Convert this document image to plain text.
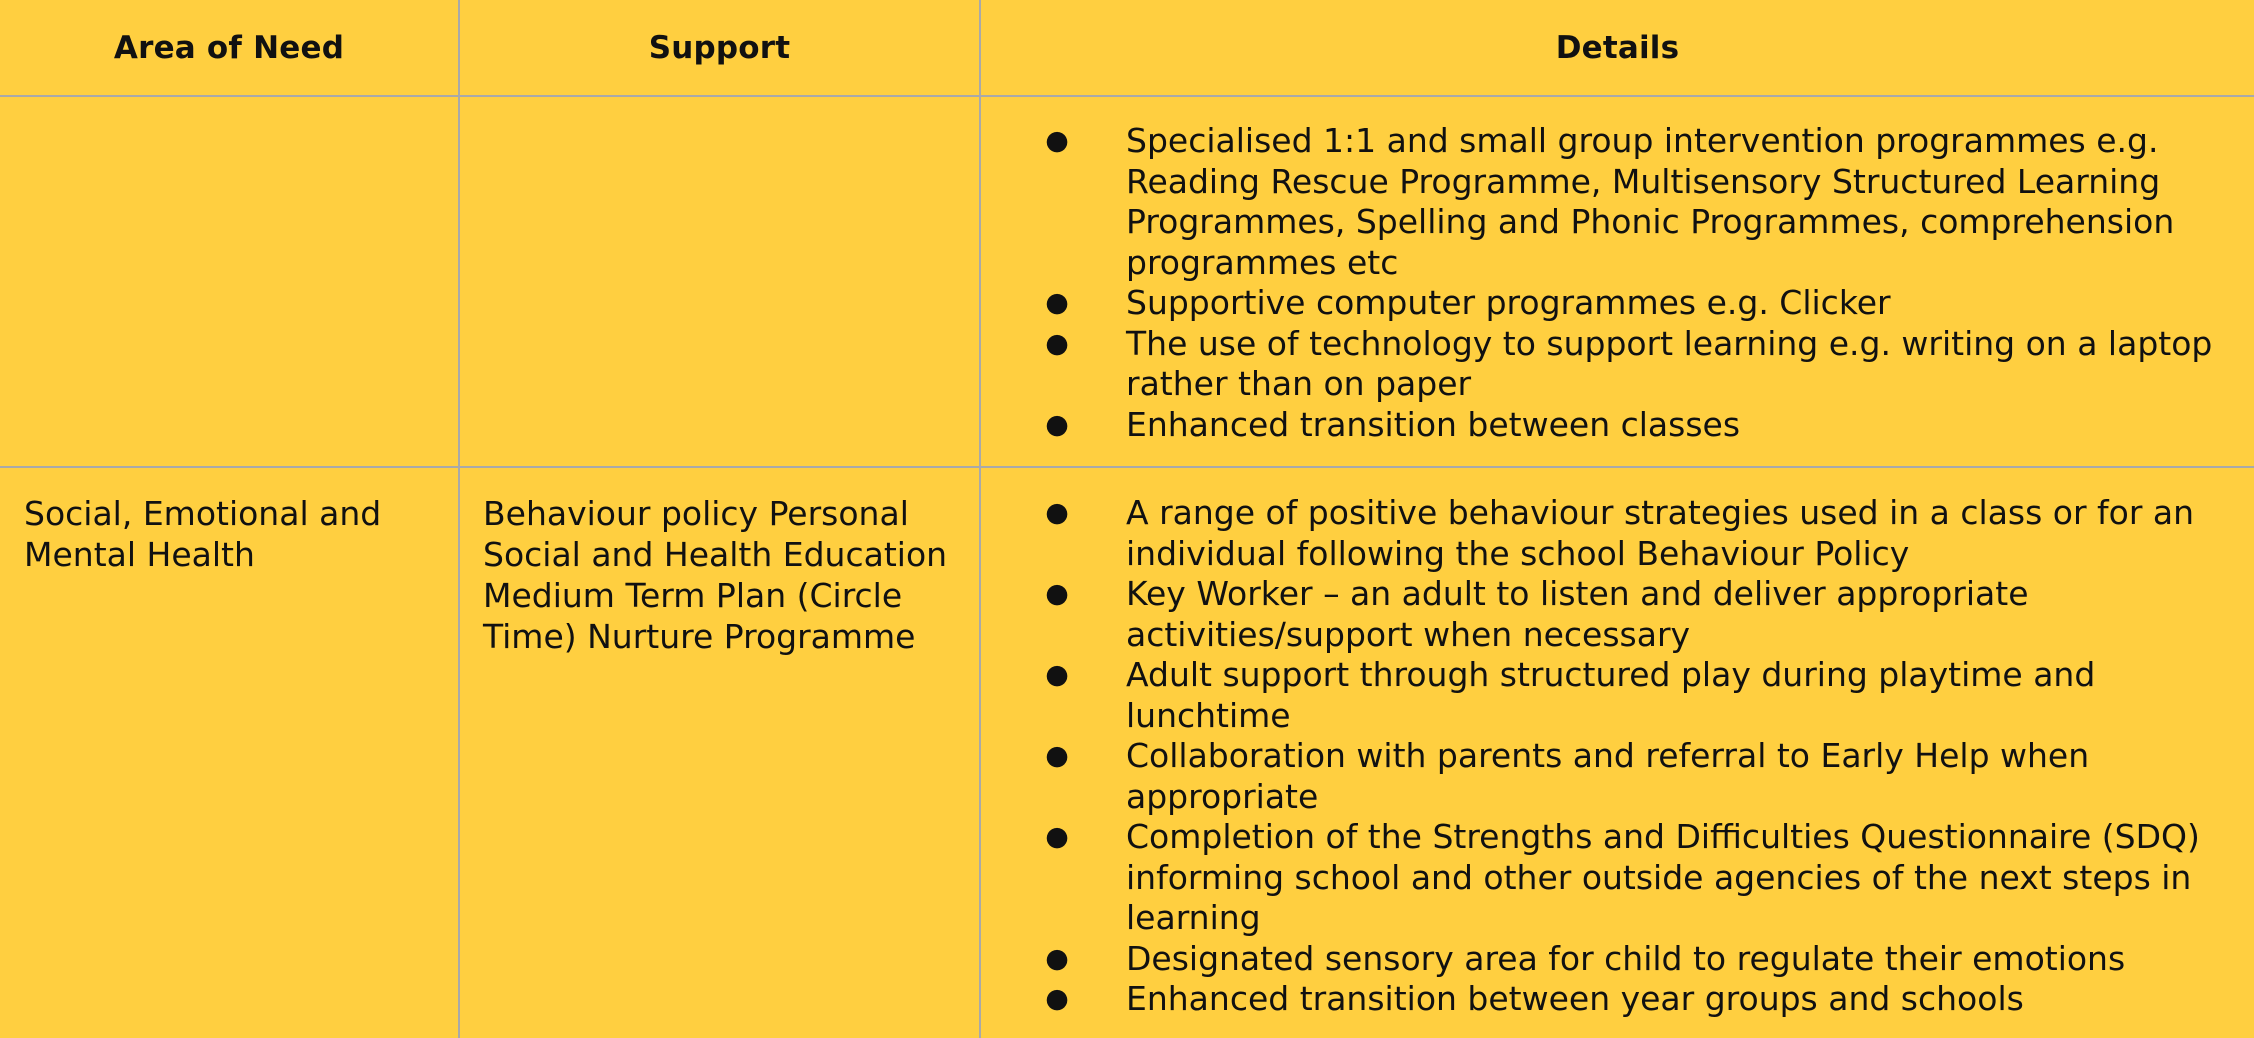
Area of Need	Support	Details
● Specialised 1:1 and small group intervention programmes e.g.
Reading Rescue Programme, Multisensory Structured Learning
Programmes, Spelling and Phonic Programmes, comprehension
programmes etc
● Supportive computer programmes e.g. Clicker
● The use of technology to support learning e.g. writing on a laptop
rather than on paper
● Enhanced transition between classes
● A range of positive behaviour strategies used in a class or for an
individual following the school Behaviour Policy
● Key Worker – an adult to listen and deliver appropriate
activities/support when necessary
● Adult support through structured play during playtime and
lunchtime
● Collaboration with parents and referral to Early Help when
appropriate
● Completion of the Strengths and Difficulties Questionnaire (SDQ)
informing school and other outside agencies of the next steps in
learning
● Designated sensory area for child to regulate their emotions
● Enhanced transition between year groups and schools
Social, Emotional and
Mental Health
Behaviour policy Personal
Social and Health Education
Medium Term Plan (Circle
Time) Nurture Programme
